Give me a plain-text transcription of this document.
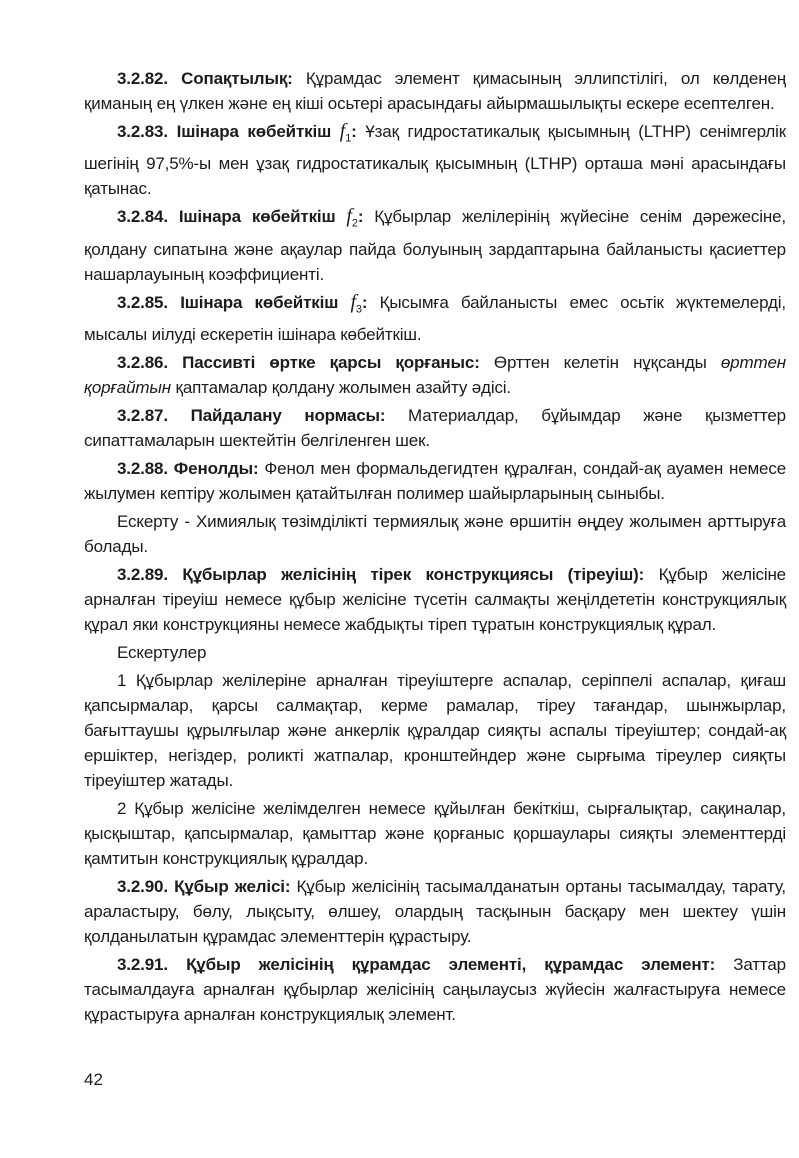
3.2.82. Сопақтылық: Құрамдас элемент қимасының эллипстілігі, ол көлденең қиманың ең үлкен және ең кіші осьтері арасындағы айырмашылықты ескере есептелген.

3.2.83. Ішінара көбейткіш $f_1$: Ұзақ гидростатикалық қысымның (LTHP) сенімгерлік шегінің 97,5%-ы мен ұзақ гидростатикалық қысымның (LTHP) орташа мәні арасындағы қатынас.

3.2.84. Ішінара көбейткіш $f_2$: Құбырлар желілерінің жүйесіне сенім дәрежесіне, қолдану сипатына және ақаулар пайда болуының зардаптарына байланысты қасиеттер нашарлауының коэффициенті.

3.2.85. Ішінара көбейткіш $f_3$: Қысымға байланысты емес осьтік жүктемелерді, мысалы иілуді ескеретін ішінара көбейткіш.

3.2.86. Пассивті өртке қарсы қорғаныс: Өрттен келетін нұқсанды өрттен қорғайтын қаптамалар қолдану жолымен азайту әдісі.

3.2.87. Пайдалану нормасы: Материалдар, бұйымдар және қызметтер сипаттамаларын шектейтін белгіленген шек.

3.2.88. Фенолды: Фенол мен формальдегидтен құралған, сондай-ақ ауамен немесе жылумен кептіру жолымен қатайтылған полимер шайырларының сыныбы.

Ескерту - Химиялық төзімділікті термиялық және өршитін өңдеу жолымен арттыруға болады.

3.2.89. Құбырлар желісінің тірек конструкциясы (тіреуіш): Құбыр желісіне арналған тіреуіш немесе құбыр желісіне түсетін салмақты жеңілдететін конструкциялық құрал яки конструкцияны немесе жабдықты тіреп тұратын конструкциялық құрал.

Ескертулер

1 Құбырлар желілеріне арналған тіреуіштерге аспалар, серіппелі аспалар, қиғаш қапсырмалар, қарсы салмақтар, керме рамалар, тіреу тағандар, шынжырлар, бағыттаушы құрылғылар және анкерлік құралдар сияқты аспалы тіреуіштер; сондай-ақ ершіктер, негіздер, роликті жатпалар, кронштейндер және сырғыма тіреулер сияқты тіреуіштер жатады.

2 Құбыр желісіне желімделген немесе құйылған бекіткіш, сырғалықтар, сақиналар, қысқыштар, қапсырмалар, қамыттар және қорғаныс қоршаулары сияқты элементтерді қамтитын конструкциялық құралдар.

3.2.90. Құбыр желісі: Құбыр желісінің тасымалданатын ортаны тасымалдау, тарату, араластыру, бөлу, лықсыту, өлшеу, олардың тасқынын басқару мен шектеу үшін қолданылатын құрамдас элементтерін құрастыру.

3.2.91. Құбыр желісінің құрамдас элементі, құрамдас элемент: Заттар тасымалдауға арналған құбырлар желісінің саңылаусыз жүйесін жалғастыруға немесе құрастыруға арналған конструкциялық элемент.

42
